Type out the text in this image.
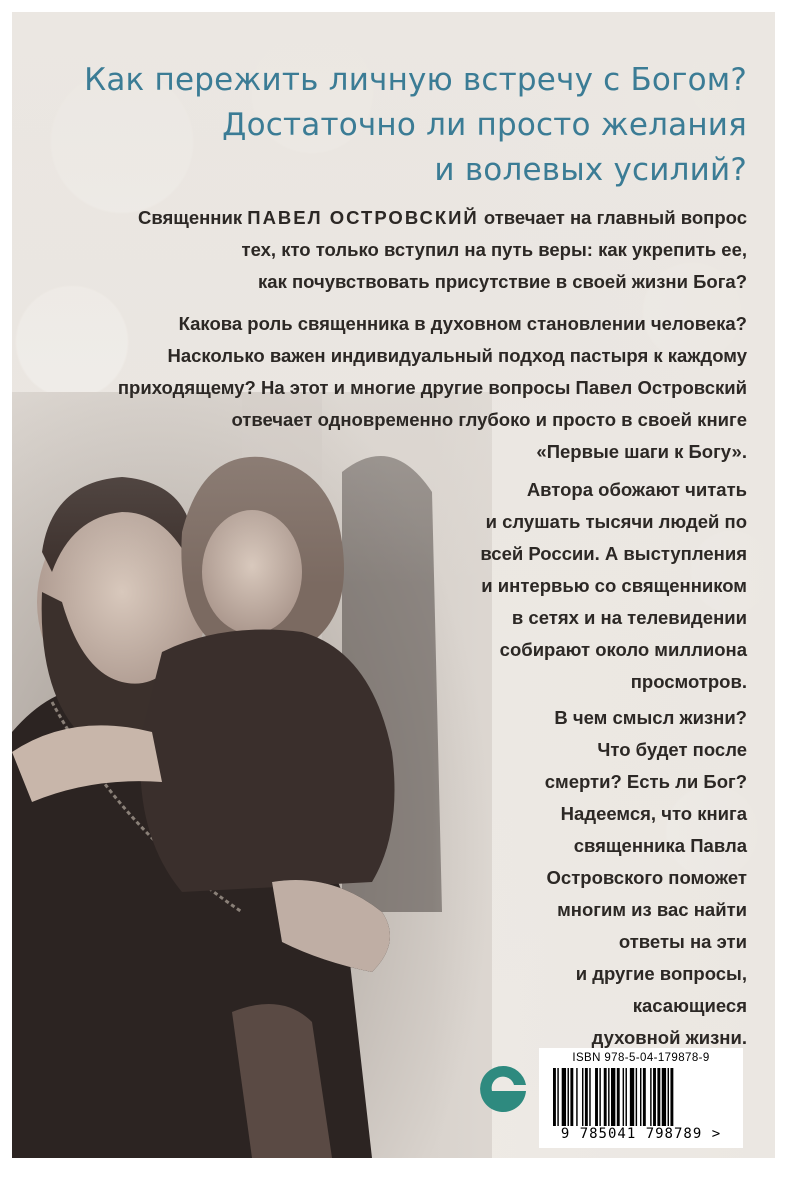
Как пережить личную встречу с Богом?
Достаточно ли просто желания
и волевых усилий?
Священник ПАВЕЛ ОСТРОВСКИЙ отвечает на главный вопрос
тех, кто только вступил на путь веры: как укрепить ее,
как почувствовать присутствие в своей жизни Бога?
Какова роль священника в духовном становлении человека?
Насколько важен индивидуальный подход пастыря к каждому
приходящему? На этот и многие другие вопросы Павел Островский
отвечает одновременно глубоко и просто в своей книге
«Первые шаги к Богу».
Автора обожают читать
и слушать тысячи людей по
всей России. А выступления
и интервью со священником
в сетях и на телевидении
собирают около миллиона
просмотров.
В чем смысл жизни?
Что будет после
смерти? Есть ли Бог?
Надеемся, что книга
священника Павла
Островского поможет
многим из вас найти
ответы на эти
и другие вопросы,
касающиеся
духовной жизни.
ISBN 978-5-04-179878-9
9 785041 798789 >
